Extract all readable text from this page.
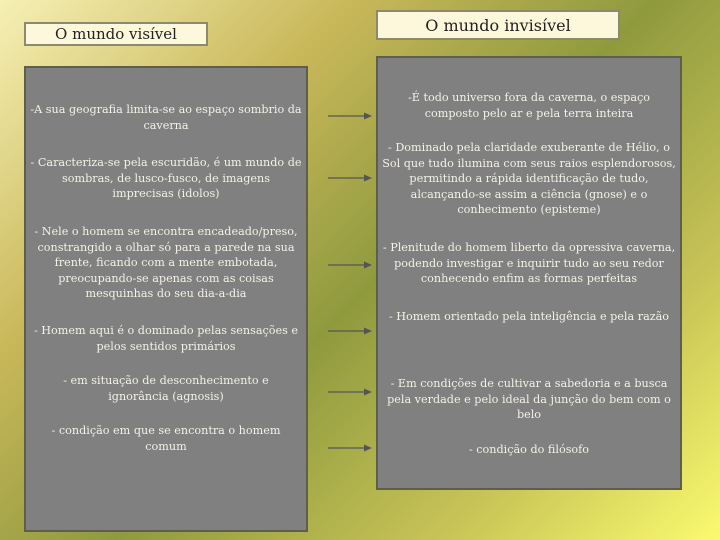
O mundo visível	O mundo invisível
-A sua geografia limita-se ao espaço sombrio da caverna
- Caracteriza-se pela escuridão, é um mundo de sombras, de lusco-fusco, de imagens imprecisas (idolos)
- Nele o homem se encontra encadeado/preso, constrangido a olhar só para a parede na sua frente, ficando com a mente embotada, preocupando-se apenas com as coisas mesquinhas do seu dia-a-dia
- Homem aqui é o dominado pelas sensações e pelos sentidos primários
- em situação de desconhecimento e ignorância (agnosis)
- condição em que se encontra o homem comum
-É todo universo fora da caverna, o espaço composto pelo ar e pela terra inteira
- Dominado pela claridade exuberante de Hélio, o Sol que tudo ilumina com seus raios esplendorosos, permitindo a rápida identificação de tudo, alcançando-se assim a ciência (gnose) e o conhecimento (episteme)
- Plenitude do homem liberto da opressiva caverna, podendo investigar e inquirir tudo ao seu redor conhecendo enfim as formas perfeitas
- Homem orientado pela inteligência e pela razão
- Em condições de cultivar a sabedoria e a busca pela verdade e pelo ideal da junção do bem com o belo
- condição do filósofo
